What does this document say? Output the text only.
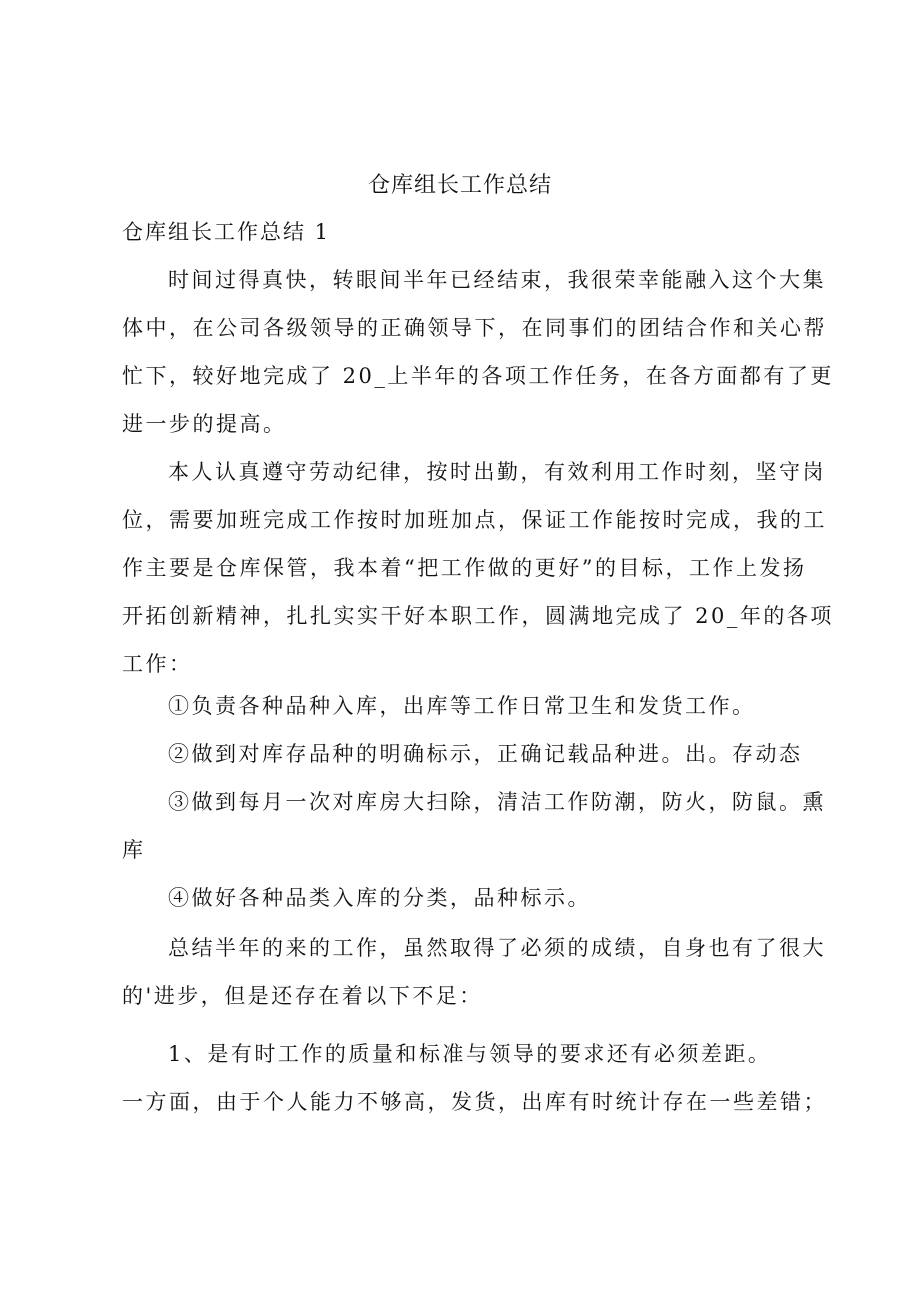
仓库组长工作总结
仓库组长工作总结 1
时间过得真快，转眼间半年已经结束，我很荣幸能融入这个大集
体中，在公司各级领导的正确领导下，在同事们的团结合作和关心帮
忙下，较好地完成了 20_上半年的各项工作任务，在各方面都有了更
进一步的提高。
本人认真遵守劳动纪律，按时出勤，有效利用工作时刻，坚守岗
位，需要加班完成工作按时加班加点，保证工作能按时完成，我的工
作主要是仓库保管，我本着“把工作做的更好”的目标，工作上发扬
开拓创新精神，扎扎实实干好本职工作，圆满地完成了 20_年的各项
工作：
①负责各种品种入库，出库等工作日常卫生和发货工作。
②做到对库存品种的明确标示，正确记载品种进。出。存动态
③做到每月一次对库房大扫除，清洁工作防潮，防火，防鼠。熏
库
④做好各种品类入库的分类，品种标示。
总结半年的来的工作，虽然取得了必须的成绩，自身也有了很大
的'进步，但是还存在着以下不足：
1、是有时工作的质量和标准与领导的要求还有必须差距。
一方面，由于个人能力不够高，发货，出库有时统计存在一些差错；
